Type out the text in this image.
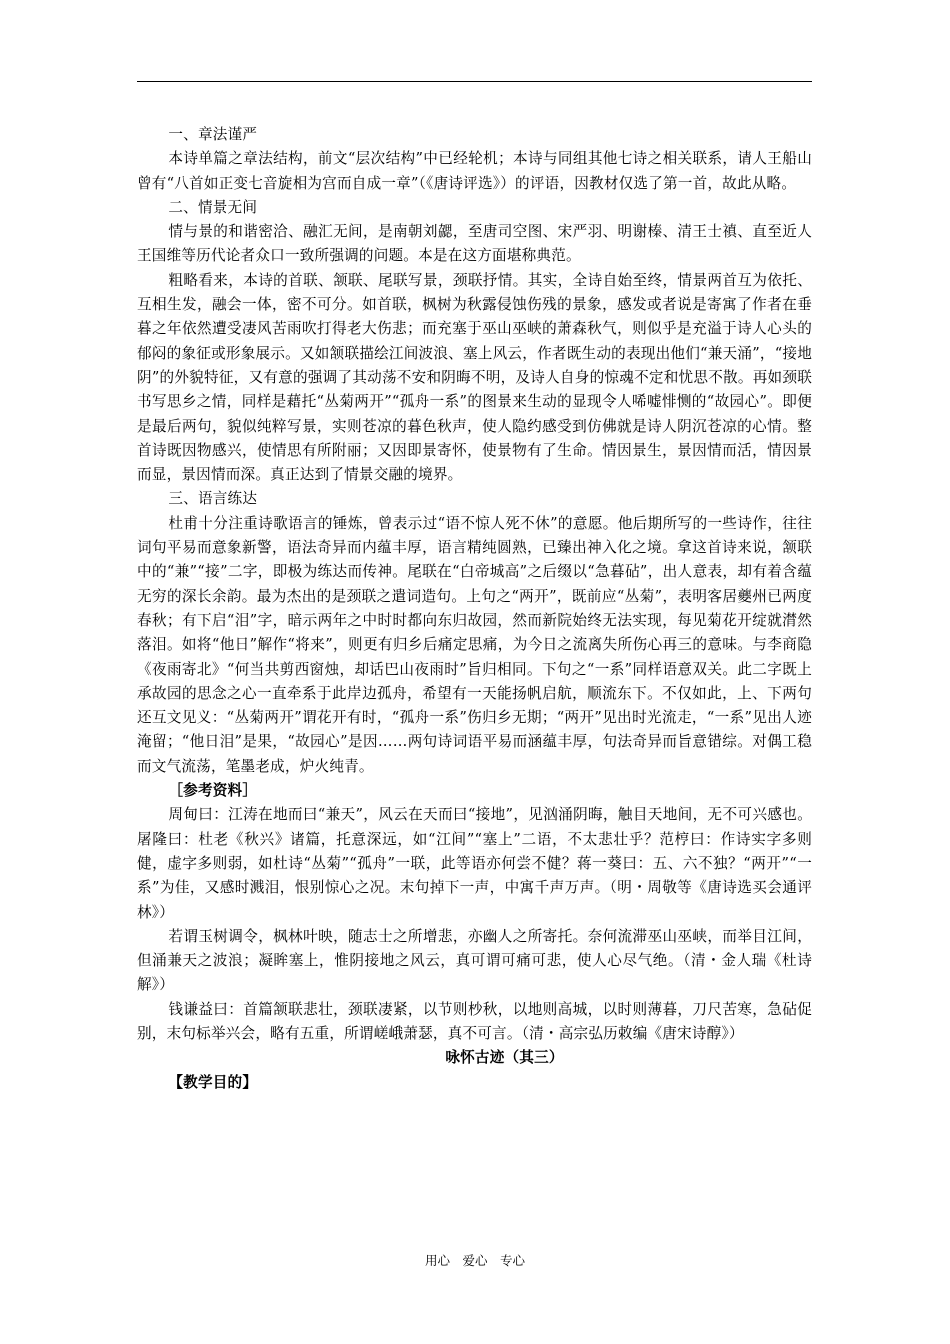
一、章法谨严

本诗单篇之章法结构，前文“层次结构”中已经轮机；本诗与同组其他七诗之相关联系，请人王船山曾有“八首如正变七音旋相为宫而自成一章”（《唐诗评选》）的评语，因教材仅选了第一首，故此从略。

二、情景无间

情与景的和谐密洽、融汇无间，是南朝刘勰，至唐司空图、宋严羽、明谢榛、清王士禛、直至近人王国维等历代论者众口一致所强调的问题。本是在这方面堪称典范。

粗略看来，本诗的首联、颔联、尾联写景，颈联抒情。其实，全诗自始至终，情景两首互为依托、互相生发，融会一体，密不可分。如首联，枫树为秋露侵蚀伤残的景象，感发或者说是寄寓了作者在垂暮之年依然遭受凄风苦雨吹打得老大伤悲；而充塞于巫山巫峡的萧森秋气，则似乎是充溢于诗人心头的郁闷的象征或形象展示。又如颔联描绘江间波浪、塞上风云，作者既生动的表现出他们“兼天涌”，“接地阴”的外貌特征，又有意的强调了其动荡不安和阴晦不明，及诗人自身的惊魂不定和忧思不散。再如颈联书写思乡之情，同样是藉托“丛菊两开”“孤舟一系”的图景来生动的显现令人唏嘘悱恻的“故园心”。即便是最后两句，貌似纯粹写景，实则苍凉的暮色秋声，使人隐约感受到仿佛就是诗人阴沉苍凉的心情。整首诗既因物感兴，使情思有所附丽；又因即景寄怀，使景物有了生命。情因景生，景因情而活，情因景而显，景因情而深。真正达到了情景交融的境界。

三、语言练达

杜甫十分注重诗歌语言的锤炼，曾表示过“语不惊人死不休”的意愿。他后期所写的一些诗作，往往词句平易而意象新警，语法奇异而内蕴丰厚，语言精纯圆熟，已臻出神入化之境。拿这首诗来说，颔联中的“兼”“接”二字，即极为练达而传神。尾联在“白帝城高”之后缀以“急暮砧”，出人意表，却有着含蕴无穷的深长余韵。最为杰出的是颈联之遣词造句。上句之“两开”，既前应“丛菊”，表明客居夔州已两度春秋；有下启“泪”字，暗示两年之中时时都向东归故园，然而新院始终无法实现，每见菊花开绽就潸然落泪。如将“他日”解作“将来”，则更有归乡后痛定思痛，为今日之流离失所伤心再三的意味。与李商隐《夜雨寄北》“何当共剪西窗烛，却话巴山夜雨时”旨归相同。下句之“一系”同样语意双关。此二字既上承故园的思念之心一直牵系于此岸边孤舟，希望有一天能扬帆启航，顺流东下。不仅如此，上、下两句还互文见义：“丛菊两开”谓花开有时，“孤舟一系”伤归乡无期；“两开”见出时光流走，“一系”见出人迹淹留；“他日泪”是果，“故园心”是因……两句诗词语平易而涵蕴丰厚，句法奇异而旨意错综。对偶工稳而文气流荡，笔墨老成，炉火纯青。

［参考资料］

周甸曰：江涛在地而曰“兼天”，风云在天而曰“接地”，见汹涌阴晦，触目天地间，无不可兴感也。屠隆曰：杜老《秋兴》诸篇，托意深远，如“江间”“塞上”二语，不太悲壮乎？范梈曰：作诗实字多则健，虚字多则弱，如杜诗“丛菊”“孤舟”一联，此等语亦何尝不健？蒋一葵曰：五、六不独？“两开”“一系”为佳，又感时溅泪，恨别惊心之况。末句掉下一声，中寓千声万声。（明・周敬等《唐诗选买会通评林》）

若谓玉树调令，枫林叶映，随志士之所增悲，亦幽人之所寄托。奈何流滞巫山巫峡，而举目江间，但涌兼天之波浪；凝眸塞上，惟阴接地之风云，真可谓可痛可悲，使人心尽气绝。（清・金人瑞《杜诗解》）

钱谦益曰：首篇颔联悲壮，颈联凄紧，以节则杪秋，以地则高城，以时则薄暮，刀尺苦寒，急砧促别，末句标举兴会，略有五重，所谓嵯峨萧瑟，真不可言。（清・高宗弘历敕编《唐宋诗醇》）

咏怀古迹（其三）

【教学目的】

用心　爱心　专心
